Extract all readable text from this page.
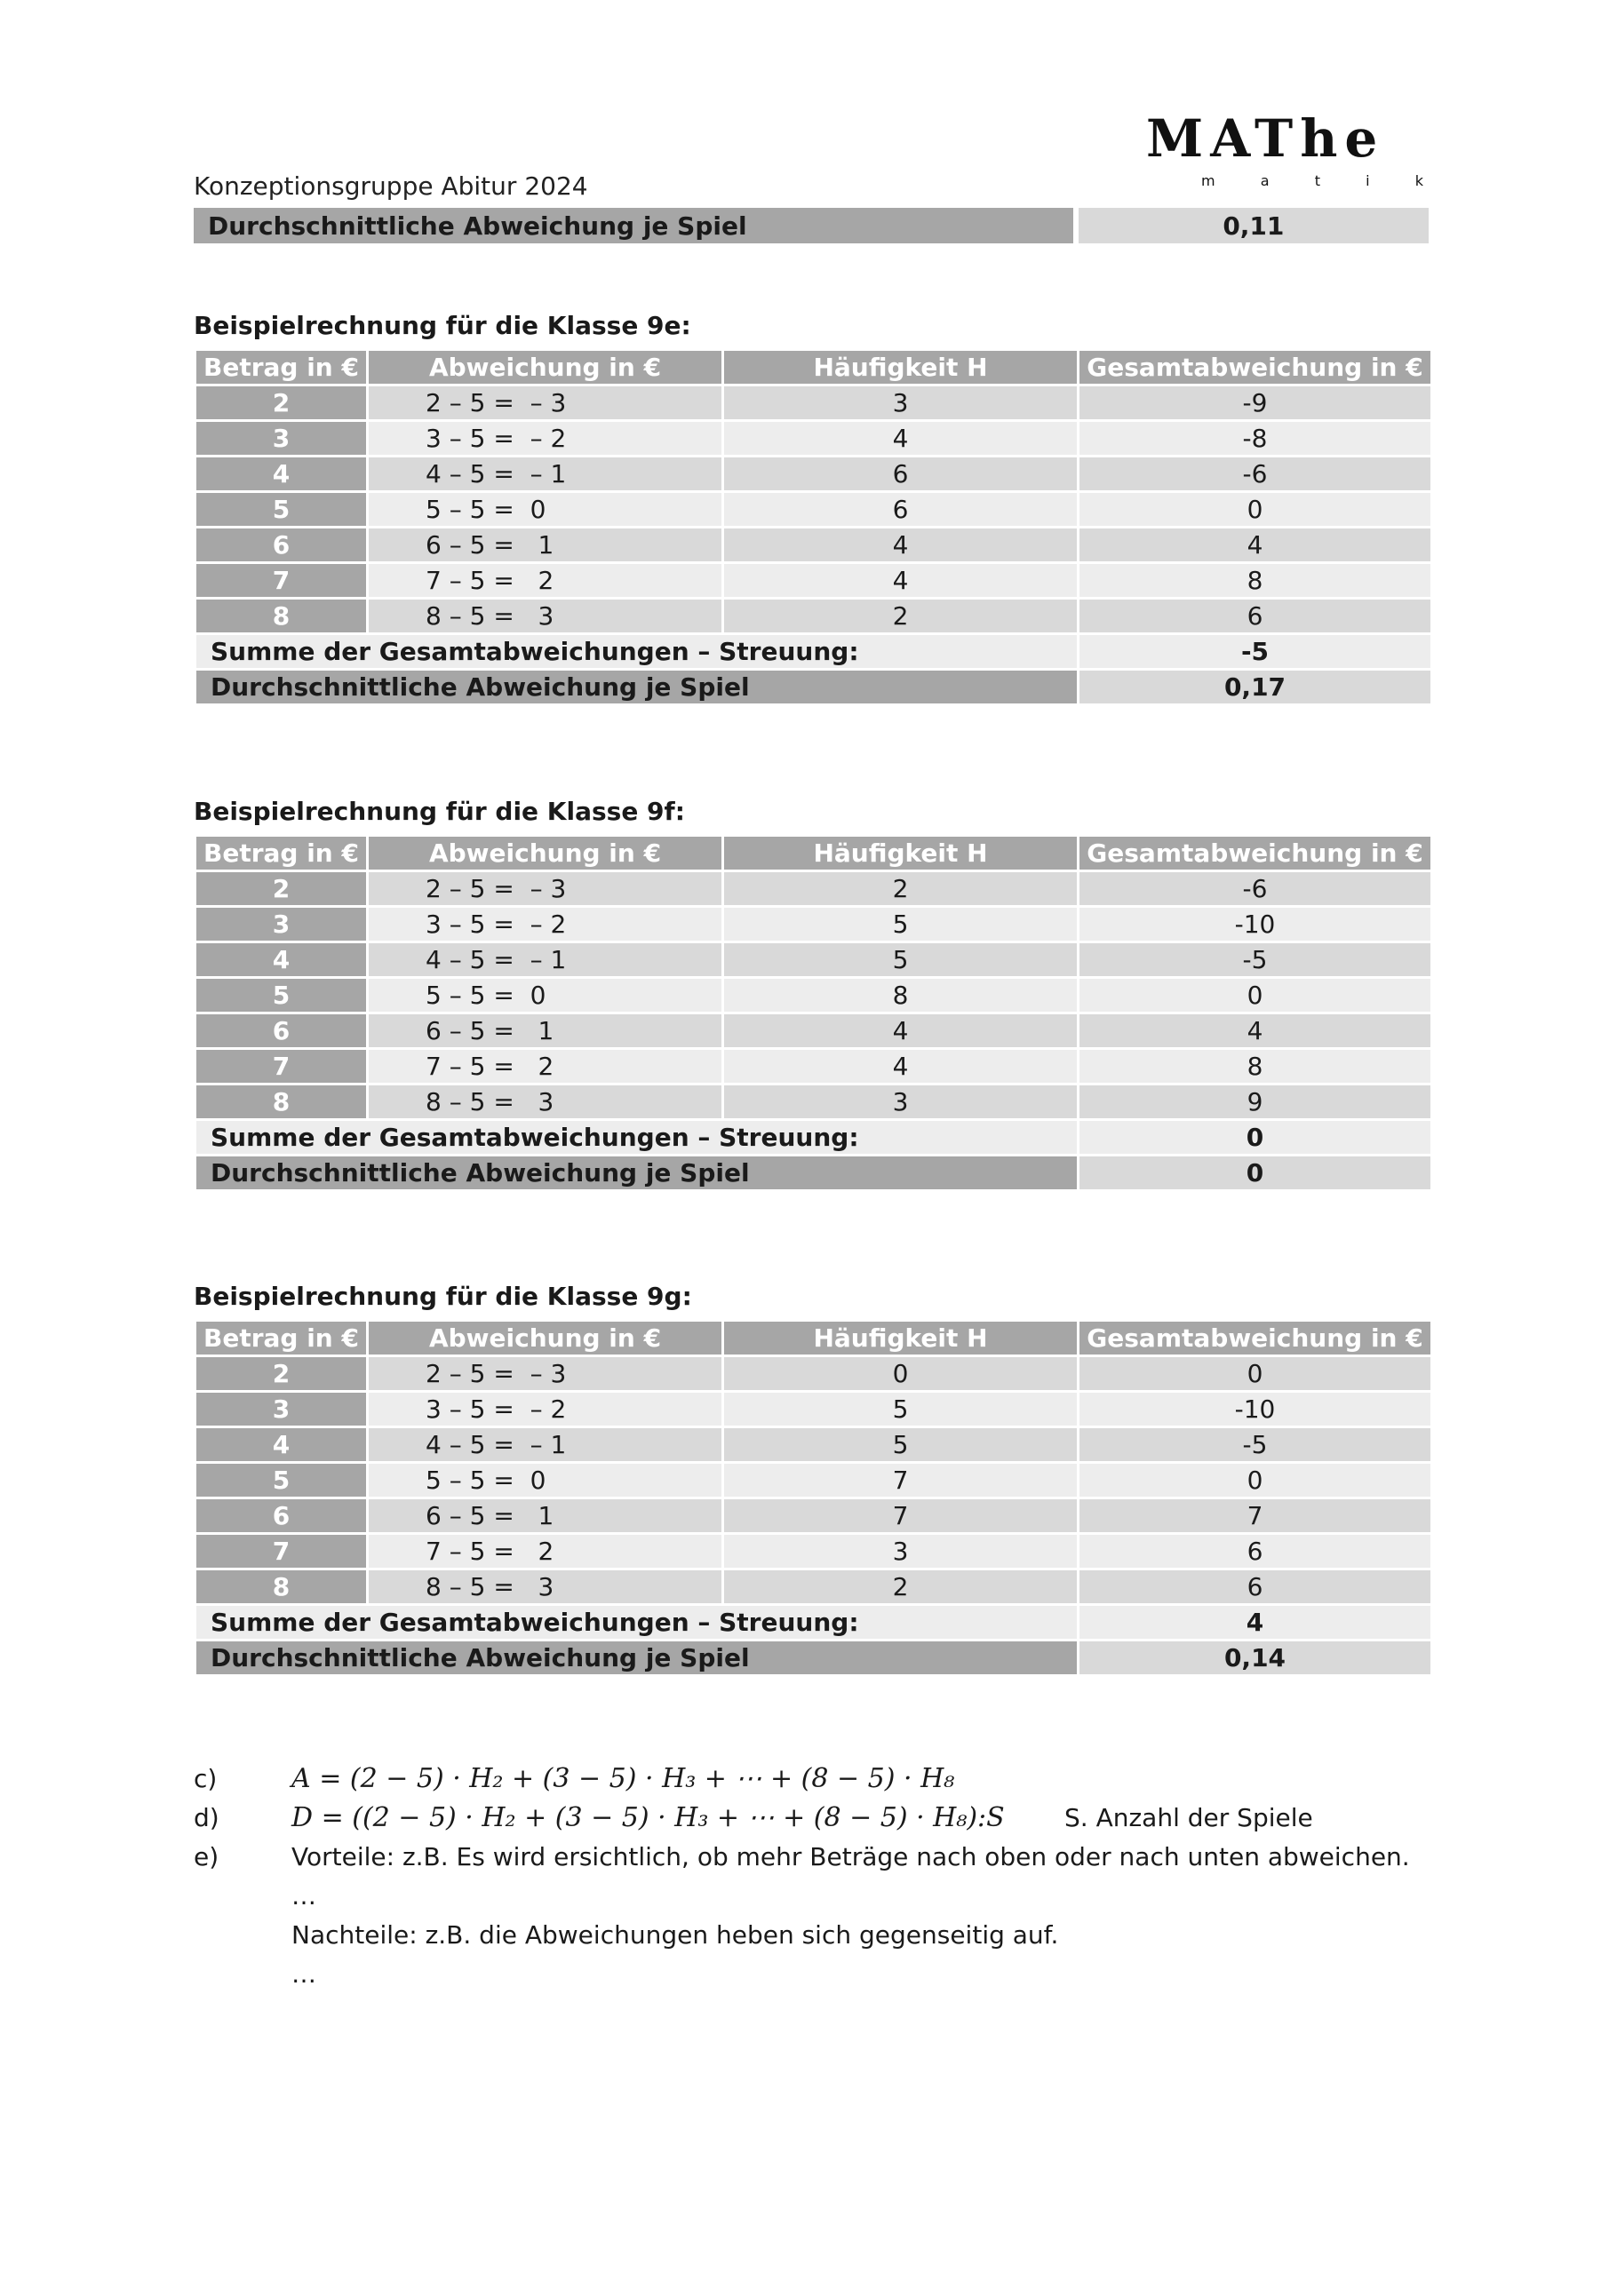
Konzeptionsgruppe Abitur 2024
MAThe
m	a	t	i	k
Durchschnittliche Abweichung je Spiel	0,11
Beispielrechnung für die Klasse 9e:
Betrag in €	Abweichung in €	Häufigkeit H	Gesamtabweichung in €
2	2 – 5 =  – 3	3	-9
3	3 – 5 =  – 2	4	-8
4	4 – 5 =  – 1	6	-6
5	5 – 5 =  0	6	0
6	6 – 5 =   1	4	4
7	7 – 5 =   2	4	8
8	8 – 5 =   3	2	6
Summe der Gesamtabweichungen – Streuung:			-5
Durchschnittliche Abweichung je Spiel			0,17
Beispielrechnung für die Klasse 9f:
Betrag in €	Abweichung in €	Häufigkeit H	Gesamtabweichung in €
2	2 – 5 =  – 3	2	-6
3	3 – 5 =  – 2	5	-10
4	4 – 5 =  – 1	5	-5
5	5 – 5 =  0	8	0
6	6 – 5 =   1	4	4
7	7 – 5 =   2	4	8
8	8 – 5 =   3	3	9
Summe der Gesamtabweichungen – Streuung:			0
Durchschnittliche Abweichung je Spiel			0
Beispielrechnung für die Klasse 9g:
Betrag in €	Abweichung in €	Häufigkeit H	Gesamtabweichung in €
2	2 – 5 =  – 3	0	0
3	3 – 5 =  – 2	5	-10
4	4 – 5 =  – 1	5	-5
5	5 – 5 =  0	7	0
6	6 – 5 =   1	7	7
7	7 – 5 =   2	3	6
8	8 – 5 =   3	2	6
Summe der Gesamtabweichungen – Streuung:			4
Durchschnittliche Abweichung je Spiel			0,14
c)	A = (2 − 5) · H₂ + (3 − 5) · H₃ + ⋯ + (8 − 5) · H₈
d)	D = ((2 − 5) · H₂ + (3 − 5) · H₃ + ⋯ + (8 − 5) · H₈):S S. Anzahl der Spiele
e)	Vorteile: z.B. Es wird ersichtlich, ob mehr Beträge nach oben oder nach unten abweichen.
…
Nachteile: z.B. die Abweichungen heben sich gegenseitig auf.
…
